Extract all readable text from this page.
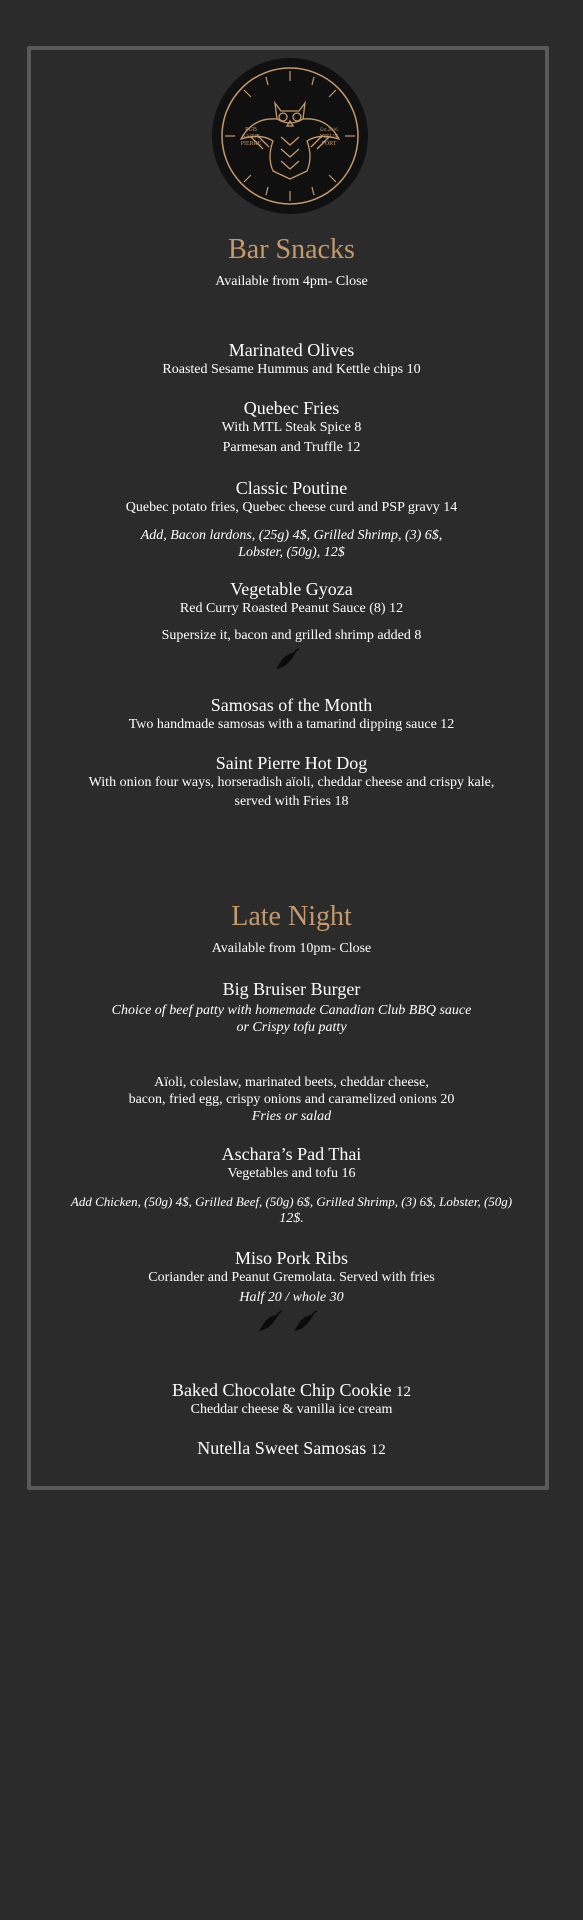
PUB
SAINT
PIERRE
Est.2016
VIEUX
PORT
Bar Snacks
Available from 4pm- Close
Marinated Olives
Roasted Sesame Hummus and Kettle chips 10
Quebec Fries
With MTL Steak Spice 8
Parmesan and Truffle 12
Classic Poutine
Quebec potato fries, Quebec cheese curd and PSP gravy 14
Add, Bacon lardons, (25g) 4$, Grilled Shrimp, (3) 6$,
Lobster, (50g), 12$
Vegetable Gyoza
Red Curry Roasted Peanut Sauce (8) 12
Supersize it, bacon and grilled shrimp added 8
Samosas of the Month
Two handmade samosas with a tamarind dipping sauce 12
Saint Pierre Hot Dog
With onion four ways, horseradish aïoli, cheddar cheese and crispy kale,
served with Fries 18
Late Night
Available from 10pm- Close
Big Bruiser Burger
Choice of beef patty with homemade Canadian Club BBQ sauce
or Crispy tofu patty
Aïoli, coleslaw, marinated beets, cheddar cheese,
bacon, fried egg, crispy onions and caramelized onions 20
Fries or salad
Aschara’s Pad Thai
Vegetables and tofu 16
Add Chicken, (50g) 4$, Grilled Beef, (50g) 6$, Grilled Shrimp, (3) 6$, Lobster, (50g)
12$.
Miso Pork Ribs
Coriander and Peanut Gremolata. Served with fries
Half 20 / whole 30
Baked Chocolate Chip Cookie 12
Cheddar cheese & vanilla ice cream
Nutella Sweet Samosas 12
